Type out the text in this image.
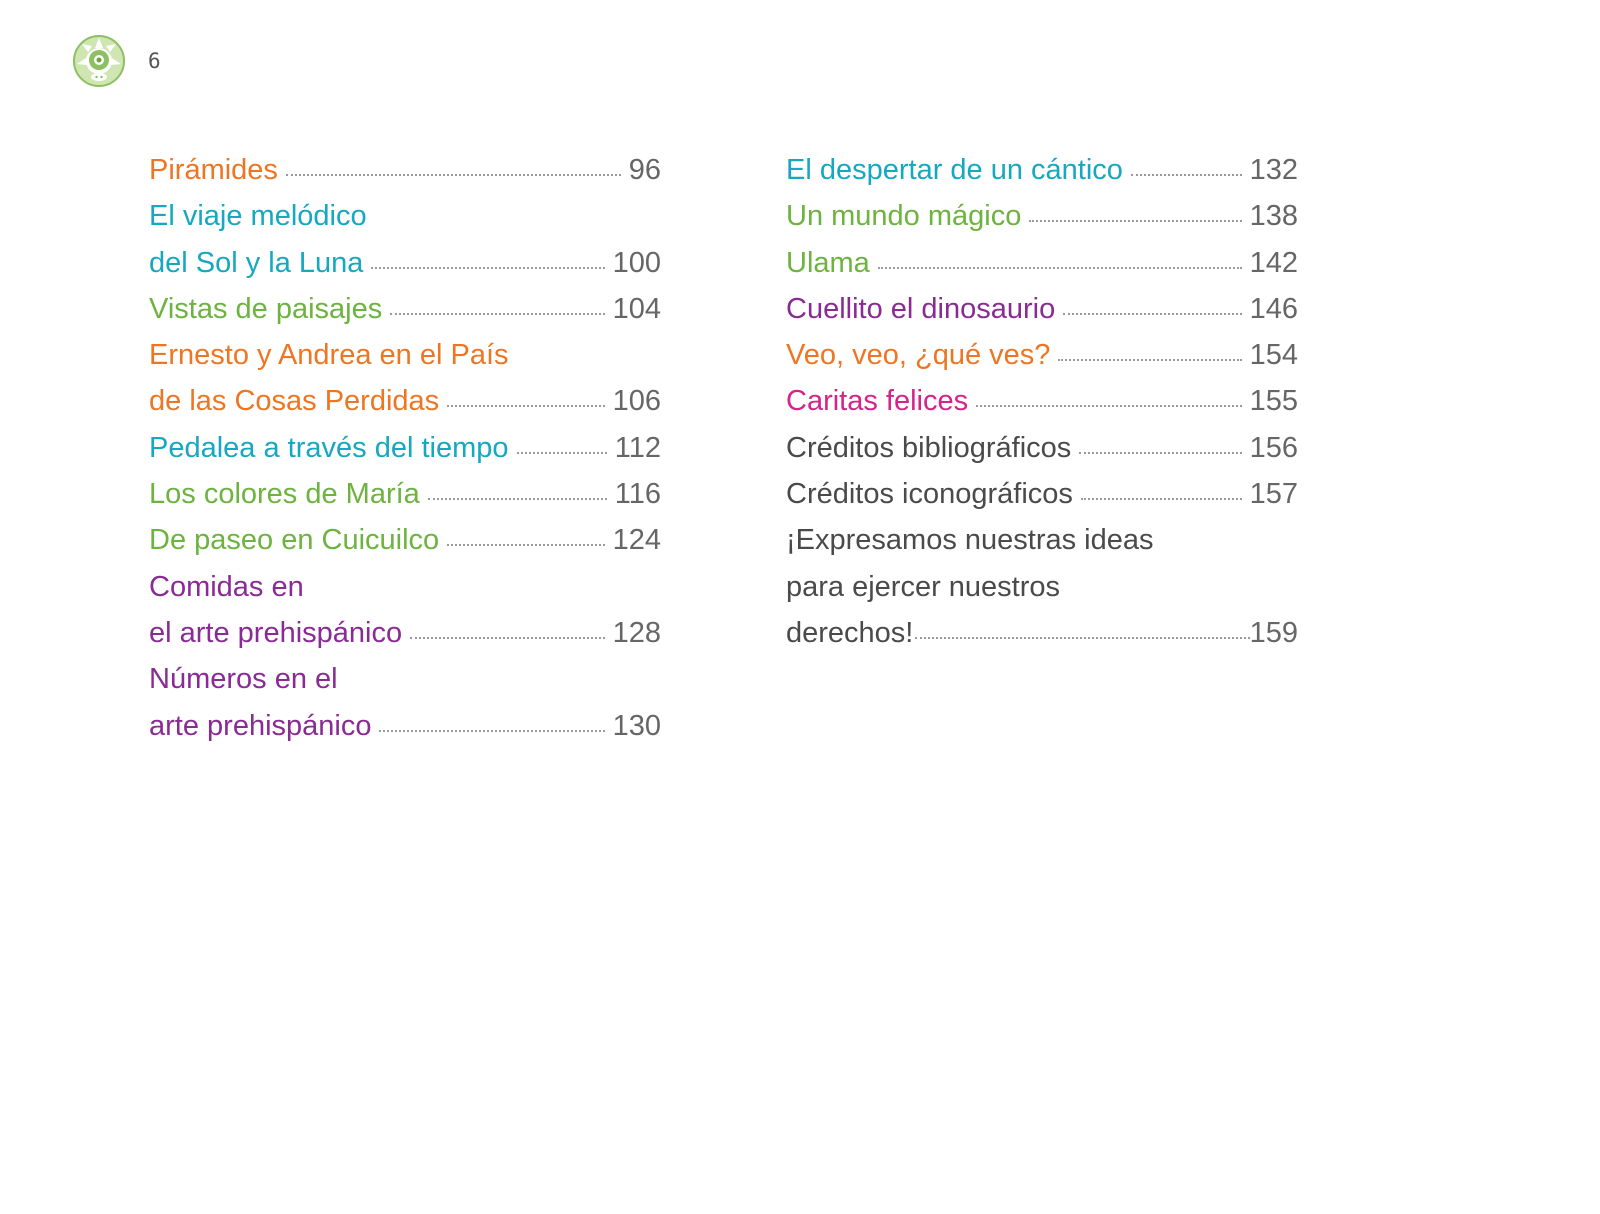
6
Pirámides	96
El viaje melódico
del Sol y la Luna	100
Vistas de paisajes	104
Ernesto y Andrea en el País
de las Cosas Perdidas	106
Pedalea a través del tiempo	112
Los colores de María	116
De paseo en Cuicuilco	124
Comidas en
el arte prehispánico	128
Números en el
arte prehispánico	130
El despertar de un cántico	132
Un mundo mágico	138
Ulama	142
Cuellito el dinosaurio	146
Veo, veo, ¿qué ves?	154
Caritas felices	155
Créditos bibliográficos	156
Créditos iconográficos	157
¡Expresamos nuestras ideas
para ejercer nuestros
derechos!	159
